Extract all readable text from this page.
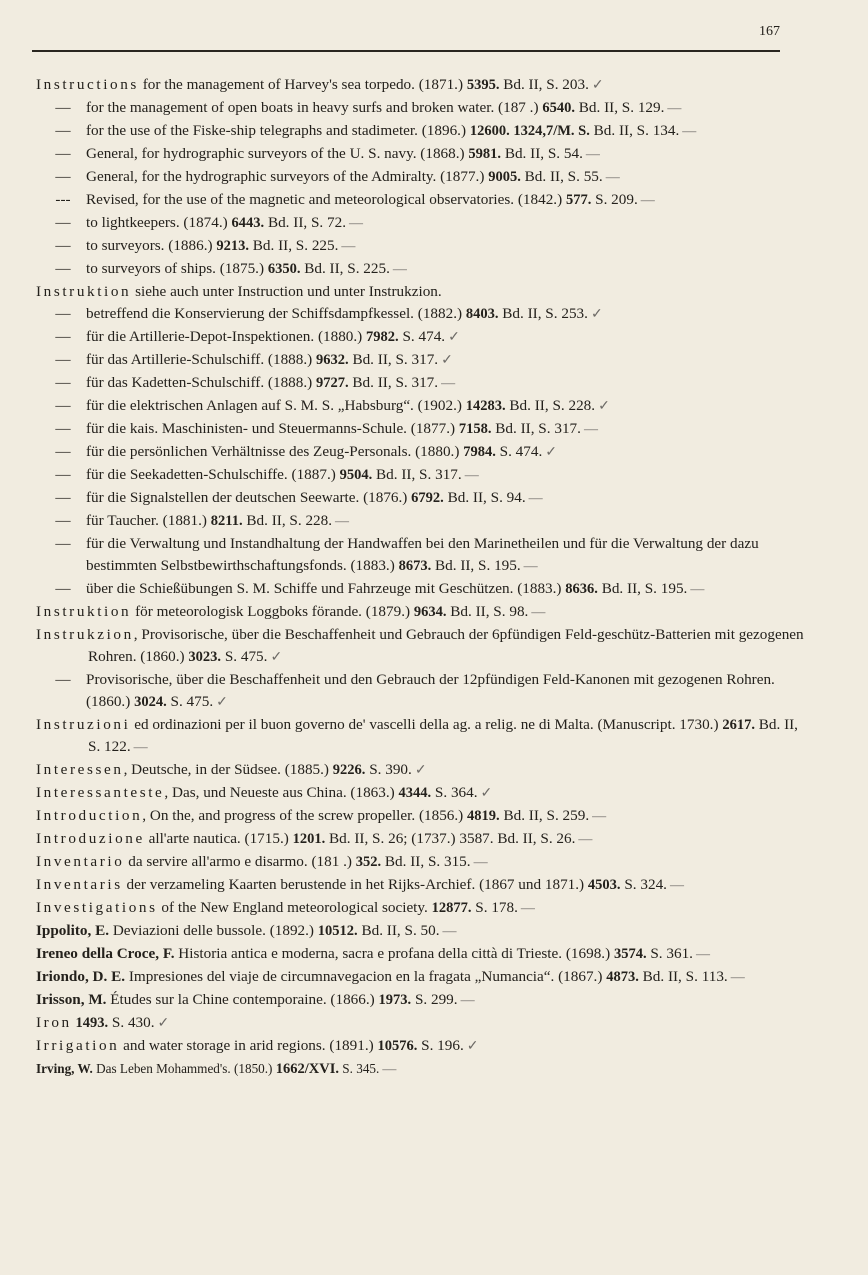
167
Instructions for the management of Harvey's sea torpedo. (1871.) 5395. Bd. II, S. 203. ✓
—	for the management of open boats in heavy surfs and broken water. (187 .) 6540. Bd. II, S. 129. —
—	for the use of the Fiske-ship telegraphs and stadimeter. (1896.) 12600. 1324,7/M. S. Bd. II, S. 134. —
—	General, for hydrographic surveyors of the U. S. navy. (1868.) 5981. Bd. II, S. 54. —
—	General, for the hydrographic surveyors of the Admiralty. (1877.) 9005. Bd. II, S. 55. —
---	Revised, for the use of the magnetic and meteorological observatories. (1842.) 577. S. 209. —
—	to lightkeepers. (1874.) 6443. Bd. II, S. 72. —
—	to surveyors. (1886.) 9213. Bd. II, S. 225. —
—	to surveyors of ships. (1875.) 6350. Bd. II, S. 225. —
Instruktion siehe auch unter Instruction und unter Instrukzion.
—	betreffend die Konservierung der Schiffsdampfkessel. (1882.) 8403. Bd. II, S. 253. ✓
—	für die Artillerie-Depot-Inspektionen. (1880.) 7982. S. 474. ✓
—	für das Artillerie-Schulschiff. (1888.) 9632. Bd. II, S. 317. ✓
—	für das Kadetten-Schulschiff. (1888.) 9727. Bd. II, S. 317. —
—	für die elektrischen Anlagen auf S. M. S. „Habsburg“. (1902.) 14283. Bd. II, S. 228. ✓
—	für die kais. Maschinisten- und Steuermanns-Schule. (1877.) 7158. Bd. II, S. 317. —
—	für die persönlichen Verhältnisse des Zeug-Personals. (1880.) 7984. S. 474. ✓
—	für die Seekadetten-Schulschiffe. (1887.) 9504. Bd. II, S. 317. —
—	für die Signalstellen der deutschen Seewarte. (1876.) 6792. Bd. II, S. 94. —
—	für Taucher. (1881.) 8211. Bd. II, S. 228. —
—	für die Verwaltung und Instandhaltung der Handwaffen bei den Marinetheilen und für die Verwaltung der dazu bestimmten Selbstbewirthschaftungsfonds. (1883.) 8673. Bd. II, S. 195. —
—	über die Schießübungen S. M. Schiffe und Fahrzeuge mit Geschützen. (1883.) 8636. Bd. II, S. 195. —
Instruktion för meteorologisk Loggboks förande. (1879.) 9634. Bd. II, S. 98. —
Instrukzion, Provisorische, über die Beschaffenheit und Gebrauch der 6pfündigen Feld-geschütz-Batterien mit gezogenen Rohren. (1860.) 3023. S. 475. ✓
—	Provisorische, über die Beschaffenheit und den Gebrauch der 12pfündigen Feld-Kanonen mit gezogenen Rohren. (1860.) 3024. S. 475. ✓
Instruzioni ed ordinazioni per il buon governo de' vascelli della ag. a relig. ne di Malta. (Manuscript. 1730.) 2617. Bd. II, S. 122. —
Interessen, Deutsche, in der Südsee. (1885.) 9226. S. 390. ✓
Interessanteste, Das, und Neueste aus China. (1863.) 4344. S. 364. ✓
Introduction, On the, and progress of the screw propeller. (1856.) 4819. Bd. II, S. 259. —
Introduzione all'arte nautica. (1715.) 1201. Bd. II, S. 26; (1737.) 3587. Bd. II, S. 26. —
Inventario da servire all'armo e disarmo. (181 .) 352. Bd. II, S. 315. —
Inventaris der verzameling Kaarten berustende in het Rijks-Archief. (1867 und 1871.) 4503. S. 324. —
Investigations of the New England meteorological society. 12877. S. 178. —
Ippolito, E. Deviazioni delle bussole. (1892.) 10512. Bd. II, S. 50. —
Ireneo della Croce, F. Historia antica e moderna, sacra e profana della città di Trieste. (1698.) 3574. S. 361. —
Iriondo, D. E. Impresiones del viaje de circumnavegacion en la fragata „Numancia“. (1867.) 4873. Bd. II, S. 113. —
Irisson, M. Études sur la Chine contemporaine. (1866.) 1973. S. 299. —
Iron 1493. S. 430. ✓
Irrigation and water storage in arid regions. (1891.) 10576. S. 196. ✓
Irving, W. Das Leben Mohammed's. (1850.) 1662/XVI. S. 345. —
